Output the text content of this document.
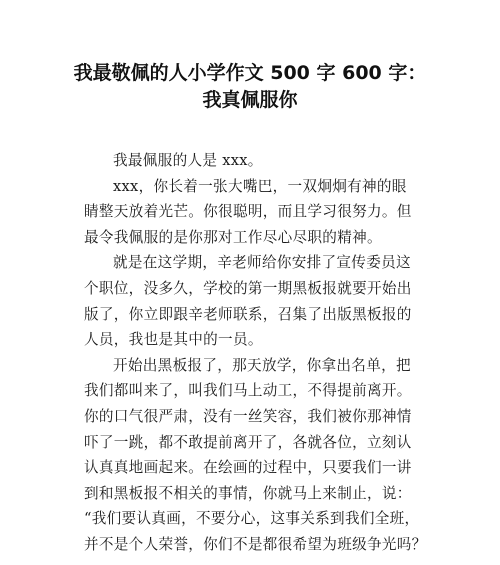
我最敬佩的人小学作文 500 字 600 字：
我真佩服你

我最佩服的人是 xxx。

xxx，你长着一张大嘴巴，一双炯炯有神的眼
睛整天放着光芒。你很聪明，而且学习很努力。但
最令我佩服的是你那对工作尽心尽职的精神。

就是在这学期，辛老师给你安排了宣传委员这
个职位，没多久，学校的第一期黑板报就要开始出
版了，你立即跟辛老师联系，召集了出版黑板报的
人员，我也是其中的一员。

开始出黑板报了，那天放学，你拿出名单，把
我们都叫来了，叫我们马上动工，不得提前离开。
你的口气很严肃，没有一丝笑容，我们被你那神情
吓了一跳，都不敢提前离开了，各就各位，立刻认
认真真地画起来。在绘画的过程中，只要我们一讲
到和黑板报不相关的事情，你就马上来制止，说：
“我们要认真画，不要分心，这事关系到我们全班，
并不是个人荣誉，你们不是都很希望为班级争光吗？
